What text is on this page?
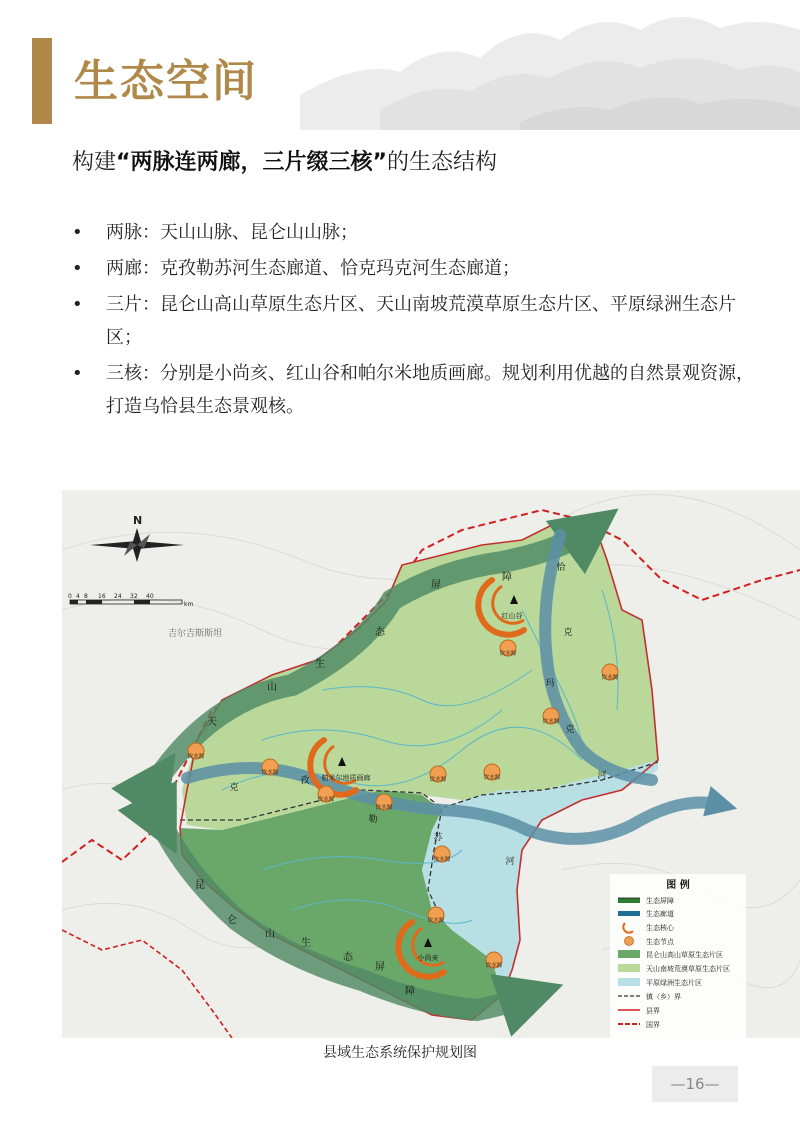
生态空间
构建“两脉连两廊，三片缀三核”的生态结构
• 两脉：天山山脉、昆仑山山脉；
• 两廊：克孜勒苏河生态廊道、恰克玛克河生态廊道；
• 三片：昆仑山高山草原生态片区、天山南坡荒漠草原生态片区、平原绿洲生态片区；
• 三核：分别是小尚亥、红山谷和帕尔米地质画廊。规划利用优越的自然景观资源，打造乌恰县生态景观核。
N
0 4 8 16 24 32 40
km
吉尔吉斯斯坦
天
山
生
态
屏
障
昆
仑
山
生
态
屏
障
克
孜
勒
苏
河
恰
克
玛
克
河
红山谷
帕米尔地质画廊
小尚亥
饮水源
饮水源
饮水源
饮水源
饮水源
饮水源
饮水源
饮水源	饮水源
饮水源
饮水源
饮水源
图 例
生态屏障
生态廊道
生态核心
生态节点
昆仑山高山草原生态片区
天山南坡荒漠草原生态片区
平原绿洲生态片区
镇（乡）界
县界
国界
县域生态系统保护规划图
—16—
